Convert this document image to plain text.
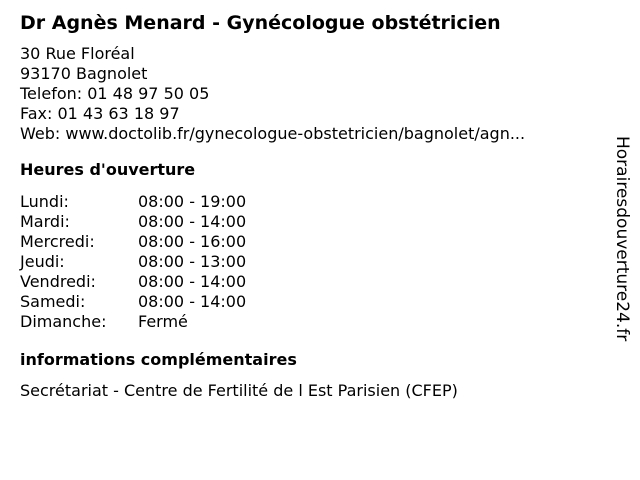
Dr Agnès Menard - Gynécologue obstétricien
30 Rue Floréal
93170 Bagnolet
Telefon: 01 48 97 50 05
Fax: 01 43 63 18 97
Web: www.doctolib.fr/gynecologue-obstetricien/bagnolet/agn...
Heures d'ouverture
Lundi:	08:00 - 19:00
Mardi:	08:00 - 14:00
Mercredi:	08:00 - 16:00
Jeudi:	08:00 - 13:00
Vendredi:	08:00 - 14:00
Samedi:	08:00 - 14:00
Dimanche: Fermé
informations complémentaires
Secrétariat - Centre de Fertilité de l Est Parisien (CFEP)
Horairesdouverture24.fr
